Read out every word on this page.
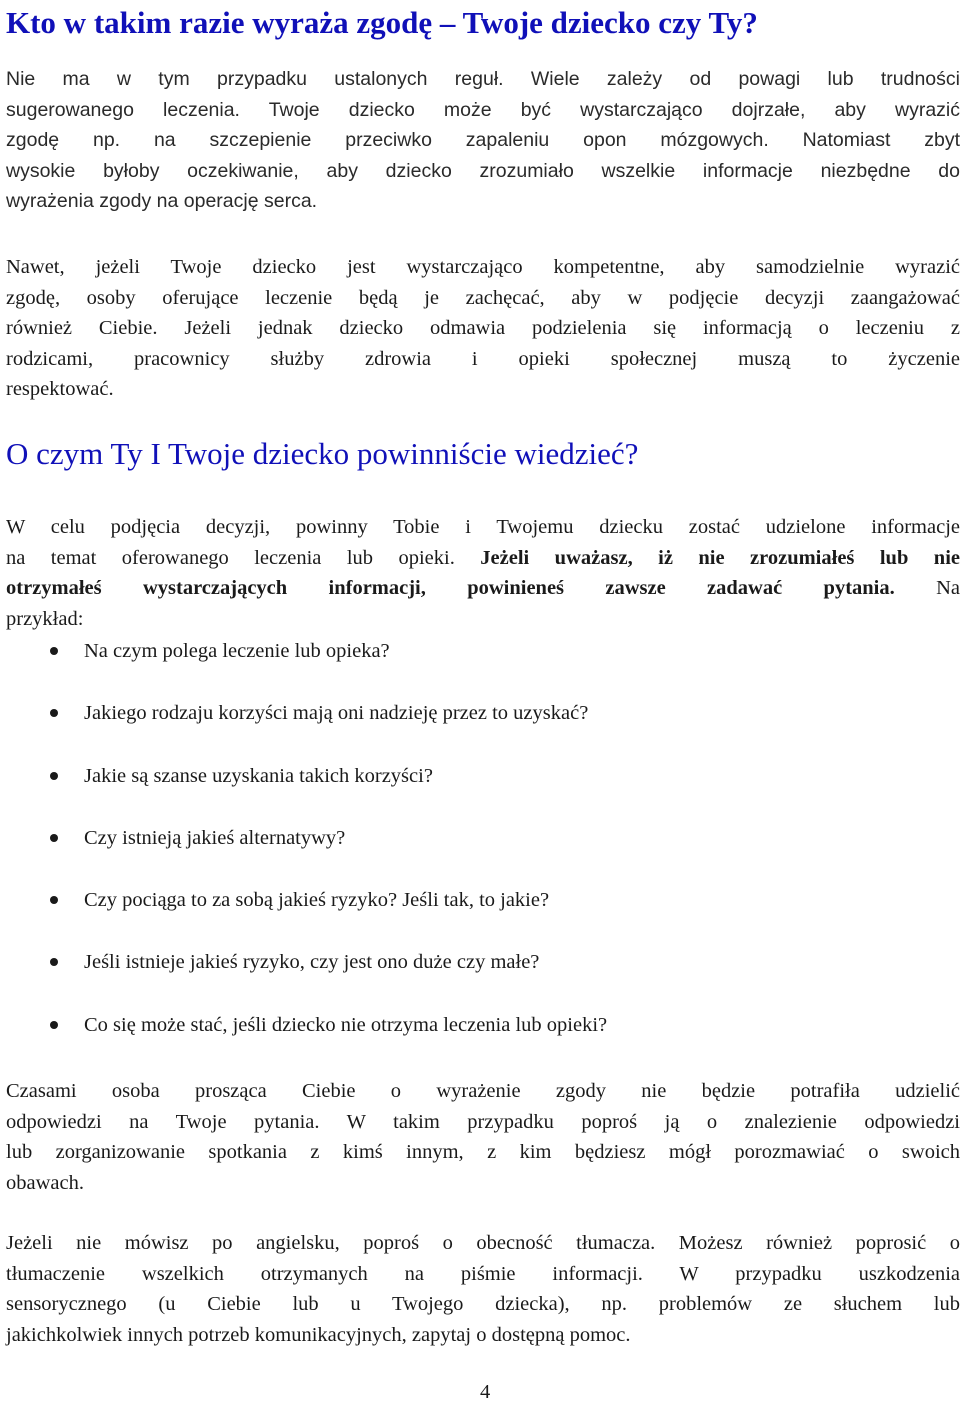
Kto w takim razie wyraża zgodę – Twoje dziecko czy Ty?
Nie ma w tym przypadku ustalonych reguł. Wiele zależy od powagi lub trudności
sugerowanego leczenia. Twoje dziecko może być wystarczająco dojrzałe, aby wyrazić
zgodę np. na szczepienie przeciwko zapaleniu opon mózgowych. Natomiast zbyt
wysokie byłoby oczekiwanie, aby dziecko zrozumiało wszelkie informacje niezbędne do
wyrażenia zgody na operację serca.
Nawet, jeżeli Twoje dziecko jest wystarczająco kompetentne, aby samodzielnie wyrazić
zgodę, osoby oferujące leczenie będą je zachęcać, aby w podjęcie decyzji zaangażować
również Ciebie. Jeżeli jednak dziecko odmawia podzielenia się informacją o leczeniu z
rodzicami, pracownicy służby zdrowia i opieki społecznej muszą to życzenie
respektować.
O czym Ty I Twoje dziecko powinniście wiedzieć?
W celu podjęcia decyzji, powinny Tobie i Twojemu dziecku zostać udzielone informacje
na temat oferowanego leczenia lub opieki. Jeżeli uważasz, iż nie zrozumiałeś lub nie
otrzymałeś wystarczających informacji, powinieneś zawsze zadawać pytania. Na
przykład:
Na czym polega leczenie lub opieka?
Jakiego rodzaju korzyści mają oni nadzieję przez to uzyskać?
Jakie są szanse uzyskania takich korzyści?
Czy istnieją jakieś alternatywy?
Czy pociąga to za sobą jakieś ryzyko? Jeśli tak, to jakie?
Jeśli istnieje jakieś ryzyko, czy jest ono duże czy małe?
Co się może stać, jeśli dziecko nie otrzyma leczenia lub opieki?
Czasami osoba prosząca Ciebie o wyrażenie zgody nie będzie potrafiła udzielić
odpowiedzi na Twoje pytania. W takim przypadku poproś ją o znalezienie odpowiedzi
lub zorganizowanie spotkania z kimś innym, z kim będziesz mógł porozmawiać o swoich
obawach.
Jeżeli nie mówisz po angielsku, poproś o obecność tłumacza. Możesz również poprosić o
tłumaczenie wszelkich otrzymanych na piśmie informacji. W przypadku uszkodzenia
sensorycznego (u Ciebie lub u Twojego dziecka), np. problemów ze słuchem lub
jakichkolwiek innych potrzeb komunikacyjnych, zapytaj o dostępną pomoc.
4
